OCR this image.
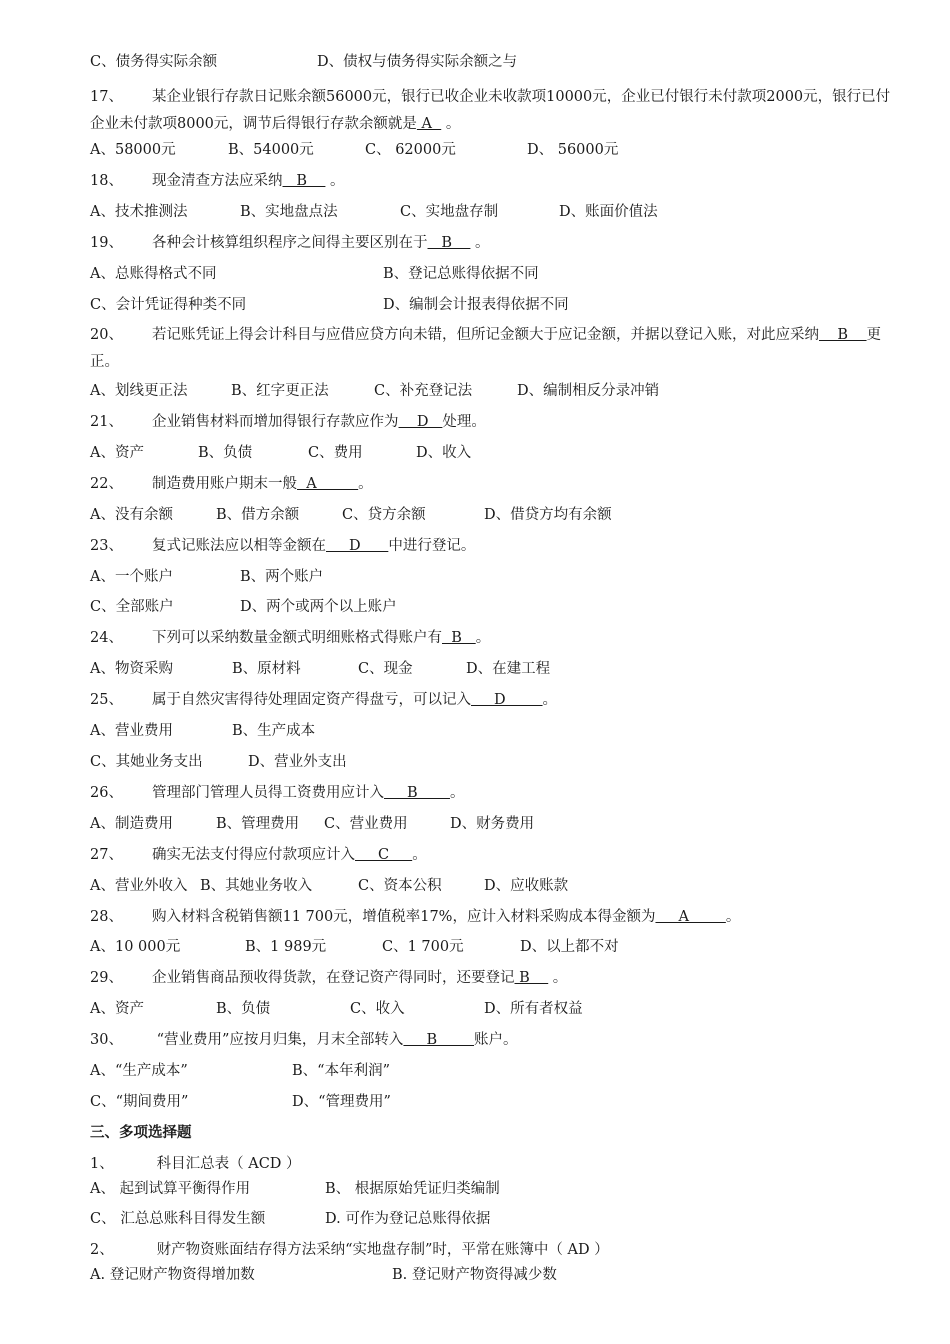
C、债务得实际余额	D、债权与债务得实际余额之与
17、 某企业银行存款日记账余额56000元，银行已收企业未收款项10000元，企业已付银行未付款项2000元，银行已付企业未付款项8000元，调节后得银行存款余额就是 A   。
A、58000元	B、54000元	C、 62000元	D、 56000元
18、 现金清查方法应采纳   B     。
A、技术推测法	B、实地盘点法	C、实地盘存制	D、账面价值法
19、 各种会计核算组织程序之间得主要区别在于   B     。
A、总账得格式不同	B、登记总账得依据不同
C、会计凭证得种类不同	D、编制会计报表得依据不同
20、 若记账凭证上得会计科目与应借应贷方向未错，但所记金额大于应记金额，并据以登记入账，对此应采纳    B    更正。
A、划线更正法	B、红字更正法	C、补充登记法	D、编制相反分录冲销
21、 企业销售材料而增加得银行存款应作为    D   处理。
A、资产	B、负债	C、费用	D、收入
22、 制造费用账户期末一般  A         。
A、没有余额	B、借方余额	C、贷方余额	D、借贷方均有余额
23、 复式记账法应以相等金额在     D      中进行登记。
A、一个账户	B、两个账户
C、全部账户	D、两个或两个以上账户
24、 下列可以采纳数量金额式明细账格式得账户有  B   。
A、物资采购	B、原材料	C、现金	D、在建工程
25、 属于自然灾害得待处理固定资产得盘亏，可以记入     D        。
A、营业费用	B、生产成本
C、其她业务支出	D、营业外支出
26、 管理部门管理人员得工资费用应计入     B       。
A、制造费用	B、管理费用 C、营业费用	D、财务费用
27、 确实无法支付得应付款项应计入     C     。
A、营业外收入 B、其她业务收入	C、资本公积	D、应收账款
28、 购入材料含税销售额11 700元，增值税率17%，应计入材料采购成本得金额为     A        。
A、10 000元	B、1 989元	C、1 700元	D、以上都不对
29、 企业销售商品预收得货款，在登记资产得同时，还要登记 B     。
A、资产	B、负债	C、收入	D、所有者权益
30、 “营业费用”应按月归集，月末全部转入     B        账户。
A、“生产成本”	B、“本年利润”
C、“期间费用”	D、“管理费用”
三、多项选择题
1、	科目汇总表（ ACD ）
A、 起到试算平衡得作用	B、 根据原始凭证归类编制
C、 汇总总账科目得发生额	D. 可作为登记总账得依据
2、	财产物资账面结存得方法采纳“实地盘存制”时，平常在账簿中（ AD ）
A. 登记财产物资得增加数	B. 登记财产物资得减少数
